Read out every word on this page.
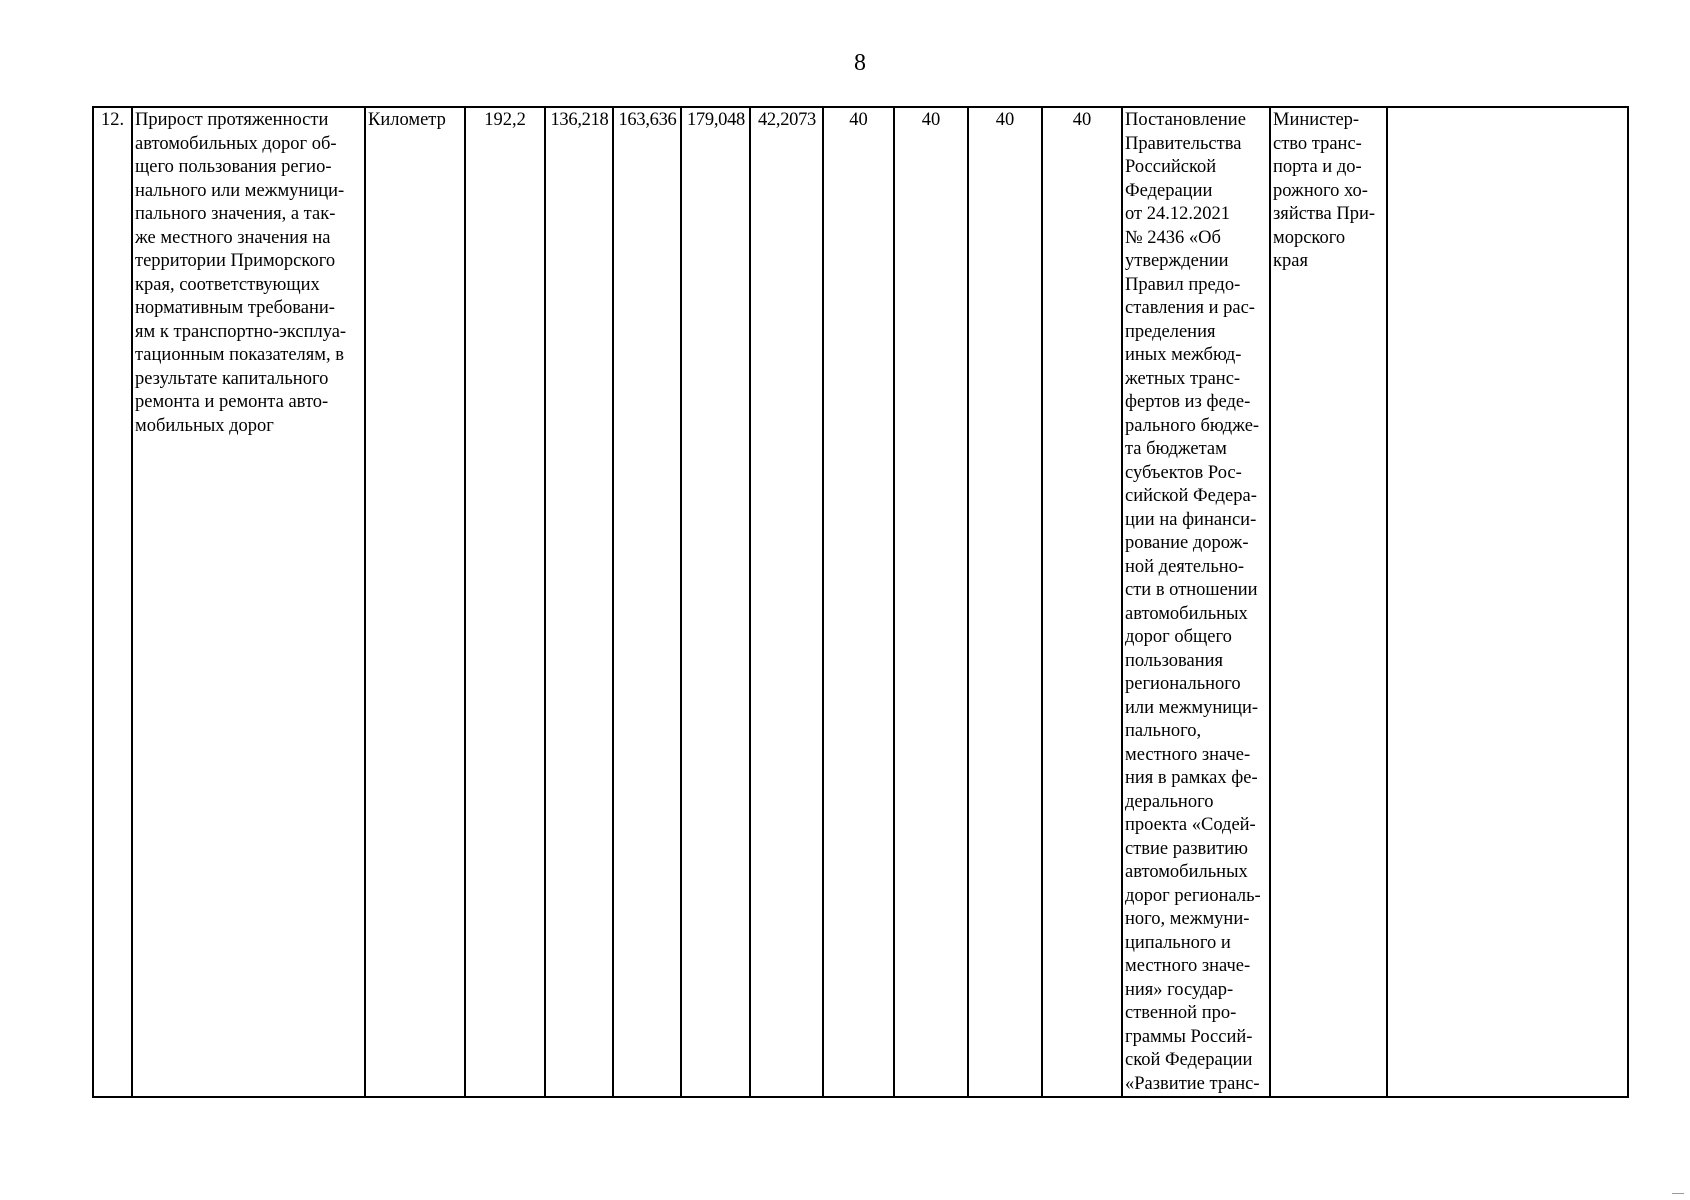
8
12.	Прирост протяженности
автомобильных дорог об-
щего пользования регио-
нального или межмуници-
пального значения, а так-
же местного значения на
территории Приморского
края, соответствующих
нормативным требовани-
ям к транспортно-эксплуа-
тационным показателям, в
результате капитального
ремонта и ремонта авто-
мобильных дорог	Километр	192,2	136,218	163,636	179,048	42,2073	40	40	40	40	Постановление
Правительства
Российской
Федерации
от 24.12.2021
№ 2436 «Об
утверждении
Правил предо-
ставления и рас-
пределения
иных межбюд-
жетных транс-
фертов из феде-
рального бюдже-
та бюджетам
субъектов Рос-
сийской Федера-
ции на финанси-
рование дорож-
ной деятельно-
сти в отношении
автомобильных
дорог общего
пользования
регионального
или межмуници-
пального,
местного значе-
ния в рамках фе-
дерального
проекта «Содей-
ствие развитию
автомобильных
дорог региональ-
ного, межмуни-
ципального и
местного значе-
ния» государ-
ственной про-
граммы Россий-
ской Федерации
«Развитие транс-	Министер-
ство транс-
порта и до-
рожного хо-
зяйства При-
морского
края	
